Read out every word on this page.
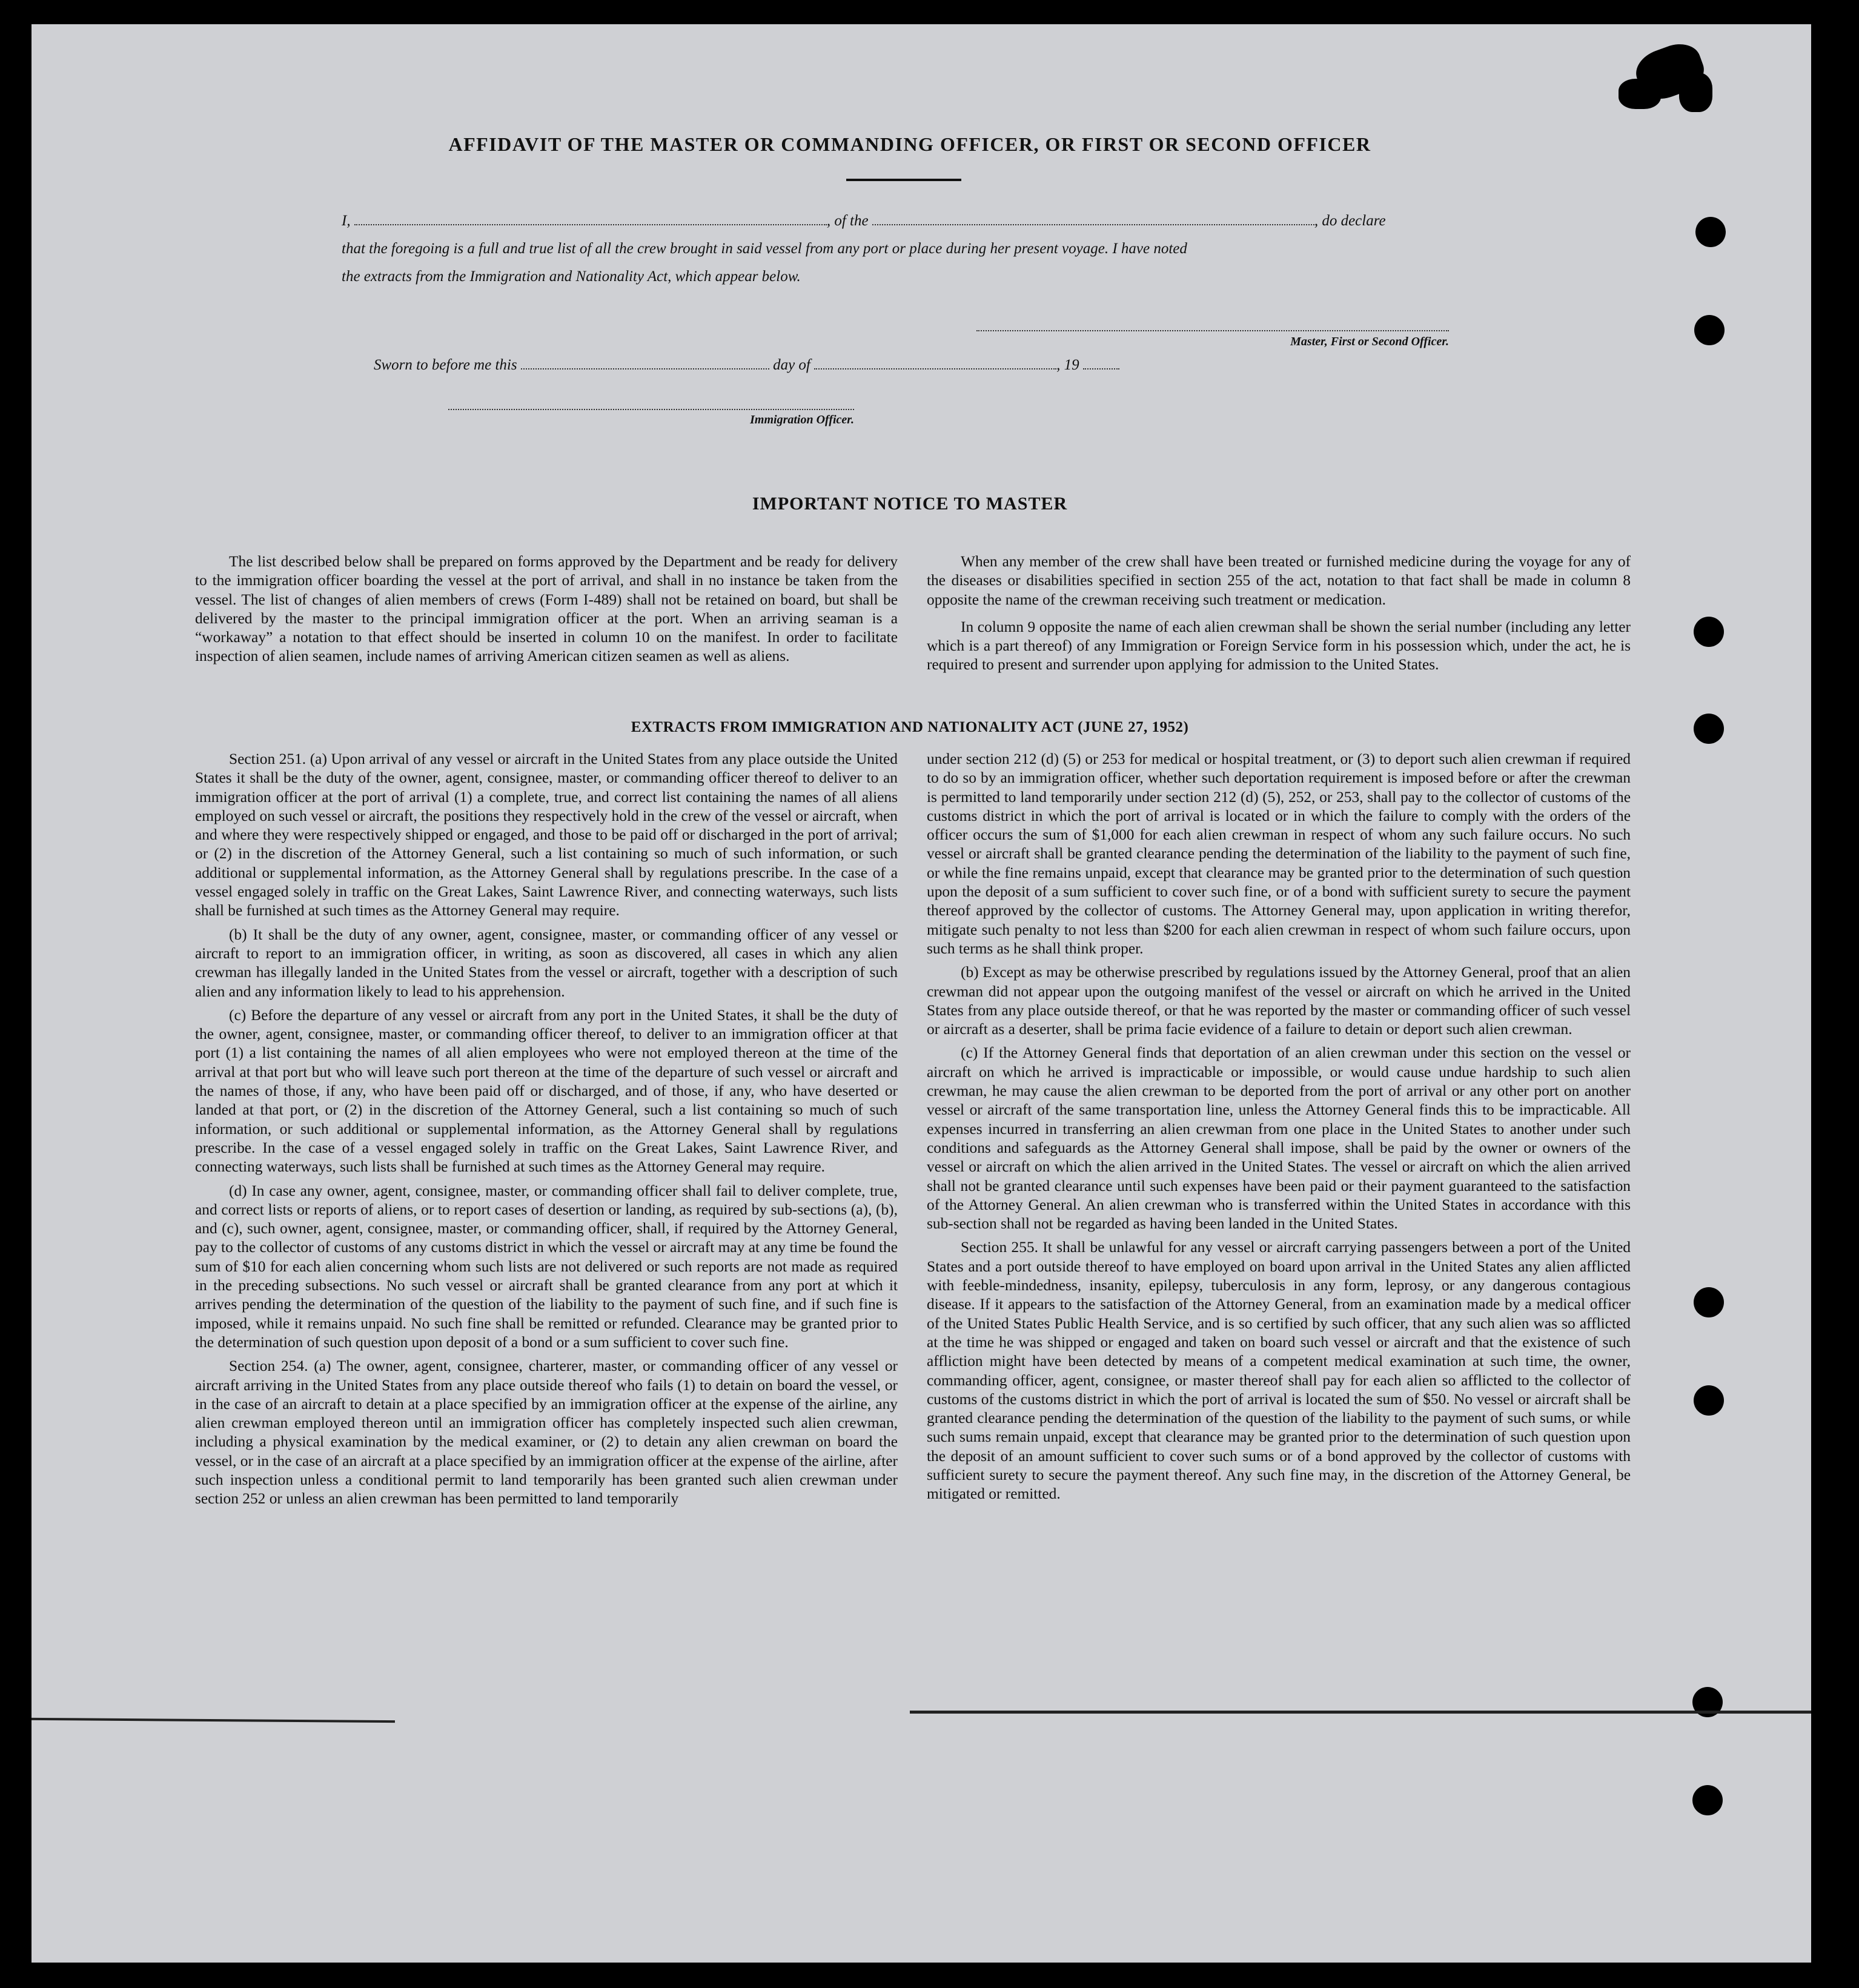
AFFIDAVIT OF THE MASTER OR COMMANDING OFFICER, OR FIRST OR SECOND OFFICER
I,	, of the	, do declare
that the foregoing is a full and true list of all the crew brought in said vessel from any port or place during her present voyage. I have noted
the extracts from the Immigration and Nationality Act, which appear below.
Master, First or Second Officer.
Sworn to before me this	day of	, 19
Immigration Officer.
IMPORTANT NOTICE TO MASTER

The list described below shall be prepared on forms approved by the Department and be ready for delivery to the immigration officer boarding the vessel at the port of arrival, and shall in no instance be taken from the vessel. The list of changes of alien members of crews (Form I-489) shall not be retained on board, but shall be delivered by the master to the principal immigration officer at the port. When an arriving seaman is a “workaway” a notation to that effect should be inserted in column 10 on the manifest. In order to facilitate inspection of alien seamen, include names of arriving American citizen seamen as well as aliens.

When any member of the crew shall have been treated or furnished medicine during the voyage for any of the diseases or disabilities specified in section 255 of the act, notation to that fact shall be made in column 8 opposite the name of the crewman receiving such treatment or medication.

In column 9 opposite the name of each alien crewman shall be shown the serial number (including any letter which is a part thereof) of any Immigration or Foreign Service form in his possession which, under the act, he is required to present and surrender upon applying for admission to the United States.

EXTRACTS FROM IMMIGRATION AND NATIONALITY ACT (JUNE 27, 1952)

Section 251. (a) Upon arrival of any vessel or aircraft in the United States from any place outside the United States it shall be the duty of the owner, agent, consignee, master, or commanding officer thereof to deliver to an immigration officer at the port of arrival (1) a complete, true, and correct list containing the names of all aliens employed on such vessel or aircraft, the positions they respectively hold in the crew of the vessel or aircraft, when and where they were respectively shipped or engaged, and those to be paid off or discharged in the port of arrival; or (2) in the discretion of the Attorney General, such a list containing so much of such information, or such additional or supplemental information, as the Attorney General shall by regulations prescribe. In the case of a vessel engaged solely in traffic on the Great Lakes, Saint Lawrence River, and connecting waterways, such lists shall be furnished at such times as the Attorney General may require.

(b) It shall be the duty of any owner, agent, consignee, master, or commanding officer of any vessel or aircraft to report to an immigration officer, in writing, as soon as discovered, all cases in which any alien crewman has illegally landed in the United States from the vessel or aircraft, together with a description of such alien and any information likely to lead to his apprehension.

(c) Before the departure of any vessel or aircraft from any port in the United States, it shall be the duty of the owner, agent, consignee, master, or commanding officer thereof, to deliver to an immigration officer at that port (1) a list containing the names of all alien employees who were not employed thereon at the time of the arrival at that port but who will leave such port thereon at the time of the departure of such vessel or aircraft and the names of those, if any, who have been paid off or discharged, and of those, if any, who have deserted or landed at that port, or (2) in the discretion of the Attorney General, such a list containing so much of such information, or such additional or supplemental information, as the Attorney General shall by regulations prescribe. In the case of a vessel engaged solely in traffic on the Great Lakes, Saint Lawrence River, and connecting waterways, such lists shall be furnished at such times as the Attorney General may require.

(d) In case any owner, agent, consignee, master, or commanding officer shall fail to deliver complete, true, and correct lists or reports of aliens, or to report cases of desertion or landing, as required by sub-sections (a), (b), and (c), such owner, agent, consignee, master, or commanding officer, shall, if required by the Attorney General, pay to the collector of customs of any customs district in which the vessel or aircraft may at any time be found the sum of $10 for each alien concerning whom such lists are not delivered or such reports are not made as required in the preceding subsections. No such vessel or aircraft shall be granted clearance from any port at which it arrives pending the determination of the question of the liability to the payment of such fine, and if such fine is imposed, while it remains unpaid. No such fine shall be remitted or refunded. Clearance may be granted prior to the determination of such question upon deposit of a bond or a sum sufficient to cover such fine.

Section 254. (a) The owner, agent, consignee, charterer, master, or commanding officer of any vessel or aircraft arriving in the United States from any place outside thereof who fails (1) to detain on board the vessel, or in the case of an aircraft to detain at a place specified by an immigration officer at the expense of the airline, any alien crewman employed thereon until an immigration officer has completely inspected such alien crewman, including a physical examination by the medical examiner, or (2) to detain any alien crewman on board the vessel, or in the case of an aircraft at a place specified by an immigration officer at the expense of the airline, after such inspection unless a conditional permit to land temporarily has been granted such alien crewman under section 252 or unless an alien crewman has been permitted to land temporarily

under section 212 (d) (5) or 253 for medical or hospital treatment, or (3) to deport such alien crewman if required to do so by an immigration officer, whether such deportation requirement is imposed before or after the crewman is permitted to land temporarily under section 212 (d) (5), 252, or 253, shall pay to the collector of customs of the customs district in which the port of arrival is located or in which the failure to comply with the orders of the officer occurs the sum of $1,000 for each alien crewman in respect of whom any such failure occurs. No such vessel or aircraft shall be granted clearance pending the determination of the liability to the payment of such fine, or while the fine remains unpaid, except that clearance may be granted prior to the determination of such question upon the deposit of a sum sufficient to cover such fine, or of a bond with sufficient surety to secure the payment thereof approved by the collector of customs. The Attorney General may, upon application in writing therefor, mitigate such penalty to not less than $200 for each alien crewman in respect of whom such failure occurs, upon such terms as he shall think proper.

(b) Except as may be otherwise prescribed by regulations issued by the Attorney General, proof that an alien crewman did not appear upon the outgoing manifest of the vessel or aircraft on which he arrived in the United States from any place outside thereof, or that he was reported by the master or commanding officer of such vessel or aircraft as a deserter, shall be prima facie evidence of a failure to detain or deport such alien crewman.

(c) If the Attorney General finds that deportation of an alien crewman under this section on the vessel or aircraft on which he arrived is impracticable or impossible, or would cause undue hardship to such alien crewman, he may cause the alien crewman to be deported from the port of arrival or any other port on another vessel or aircraft of the same transportation line, unless the Attorney General finds this to be impracticable. All expenses incurred in transferring an alien crewman from one place in the United States to another under such conditions and safeguards as the Attorney General shall impose, shall be paid by the owner or owners of the vessel or aircraft on which the alien arrived in the United States. The vessel or aircraft on which the alien arrived shall not be granted clearance until such expenses have been paid or their payment guaranteed to the satisfaction of the Attorney General. An alien crewman who is transferred within the United States in accordance with this sub-section shall not be regarded as having been landed in the United States.

Section 255. It shall be unlawful for any vessel or aircraft carrying passengers between a port of the United States and a port outside thereof to have employed on board upon arrival in the United States any alien afflicted with feeble-mindedness, insanity, epilepsy, tuberculosis in any form, leprosy, or any dangerous contagious disease. If it appears to the satisfaction of the Attorney General, from an examination made by a medical officer of the United States Public Health Service, and is so certified by such officer, that any such alien was so afflicted at the time he was shipped or engaged and taken on board such vessel or aircraft and that the existence of such affliction might have been detected by means of a competent medical examination at such time, the owner, commanding officer, agent, consignee, or master thereof shall pay for each alien so afflicted to the collector of customs of the customs district in which the port of arrival is located the sum of $50. No vessel or aircraft shall be granted clearance pending the determination of the question of the liability to the payment of such sums, or while such sums remain unpaid, except that clearance may be granted prior to the determination of such question upon the deposit of an amount sufficient to cover such sums or of a bond approved by the collector of customs with sufficient surety to secure the payment thereof. Any such fine may, in the discretion of the Attorney General, be mitigated or remitted.
